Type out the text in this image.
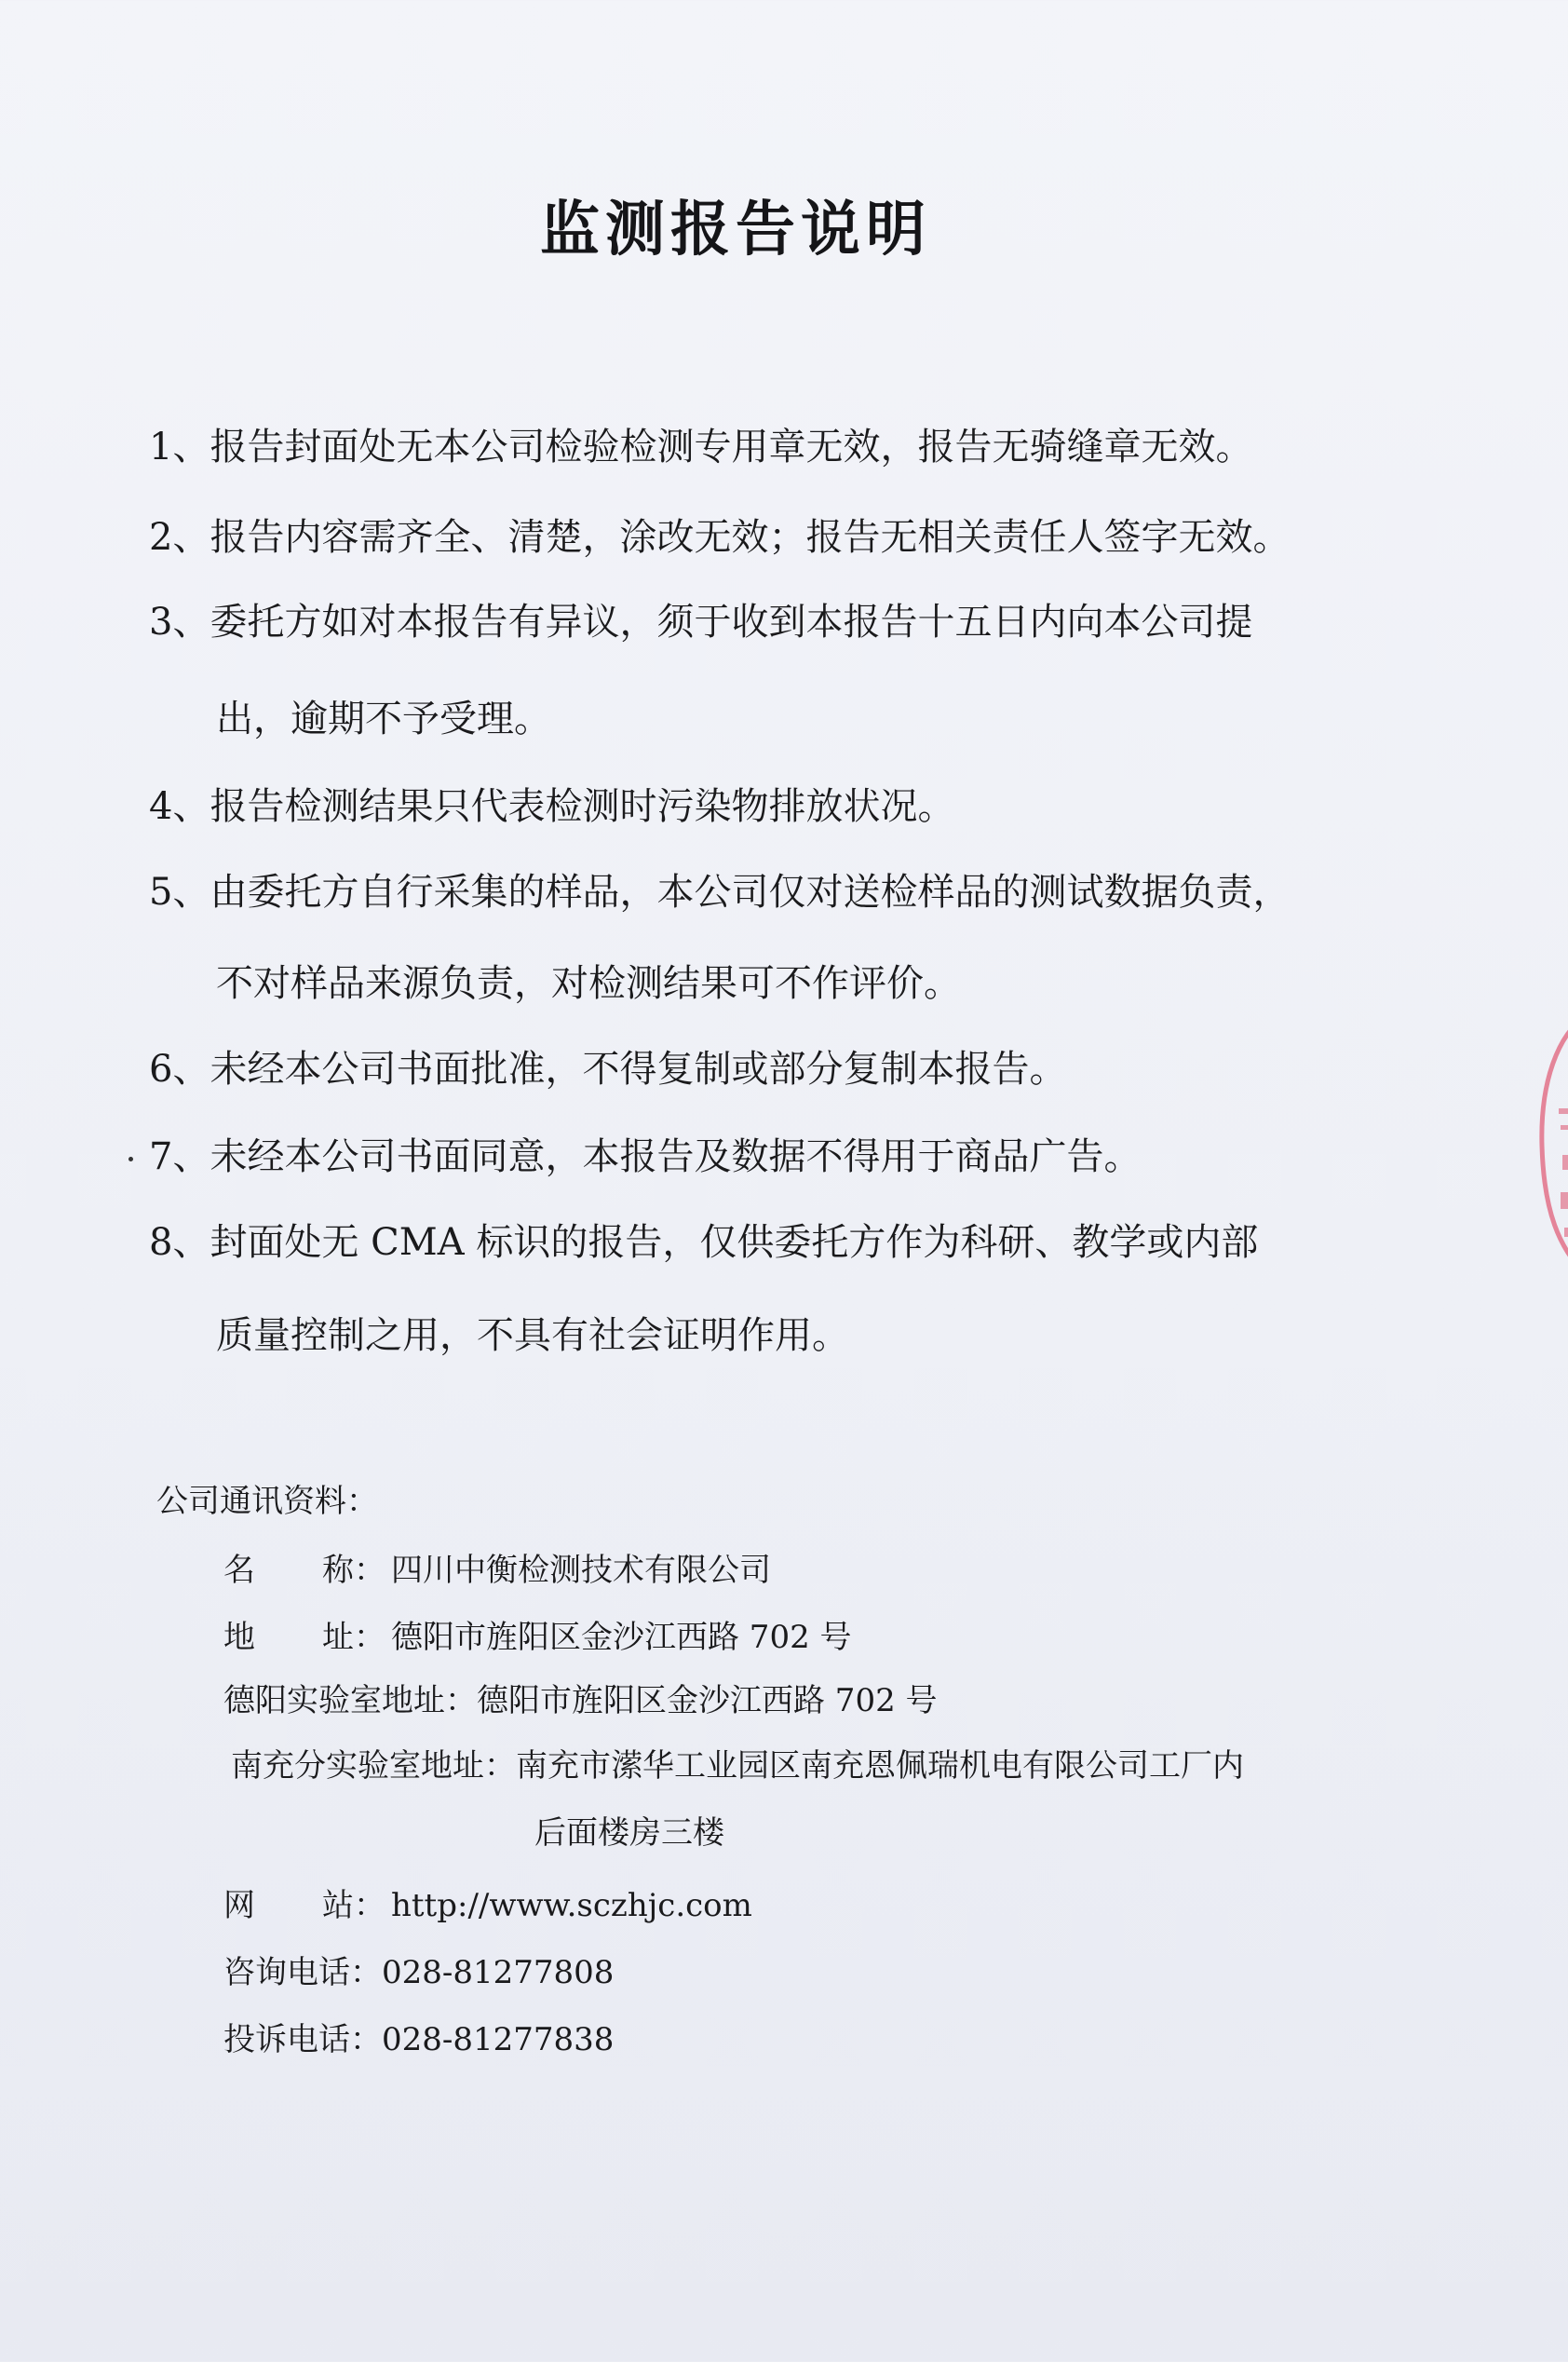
监测报告说明
1、报告封面处无本公司检验检测专用章无效，报告无骑缝章无效。
2、报告内容需齐全、清楚，涂改无效；报告无相关责任人签字无效。
3、委托方如对本报告有异议，须于收到本报告十五日内向本公司提
出，逾期不予受理。
4、报告检测结果只代表检测时污染物排放状况。
5、由委托方自行采集的样品，本公司仅对送检样品的测试数据负责，
不对样品来源负责，对检测结果可不作评价。
6、未经本公司书面批准，不得复制或部分复制本报告。
7、未经本公司书面同意，本报告及数据不得用于商品广告。
8、封面处无 CMA 标识的报告，仅供委托方作为科研、教学或内部
质量控制之用，不具有社会证明作用。
公司通讯资料：
名 称： 四川中衡检测技术有限公司
地 址： 德阳市旌阳区金沙江西路 702 号
德阳实验室地址：德阳市旌阳区金沙江西路 702 号
南充分实验室地址：南充市潆华工业园区南充恩佩瑞机电有限公司工厂内
后面楼房三楼
网 站： http://www.sczhjc.com
咨询电话：028-81277808
投诉电话：028-81277838
